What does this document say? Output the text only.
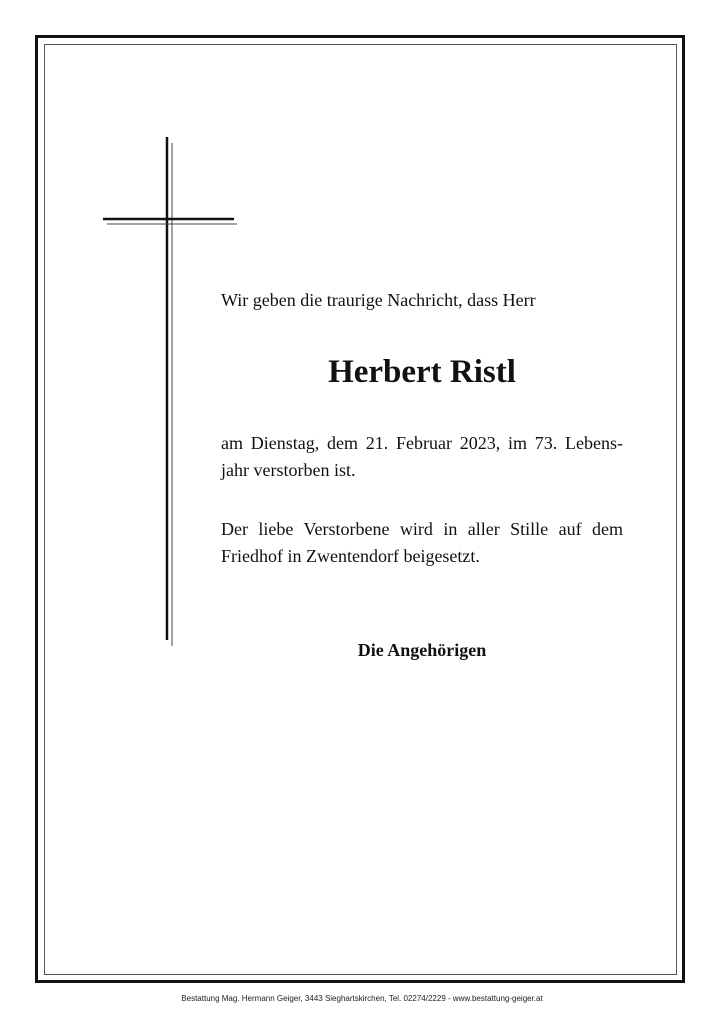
Wir geben die traurige Nachricht, dass Herr
Herbert Ristl
am Dienstag, dem 21. Februar 2023, im 73. Lebens-
jahr verstorben ist.
Der liebe Verstorbene wird in aller Stille auf dem
Friedhof in Zwentendorf beigesetzt.
Die Angehörigen
Bestattung Mag. Hermann Geiger, 3443 Sieghartskirchen, Tel. 02274/2229 - www.bestattung-geiger.at
